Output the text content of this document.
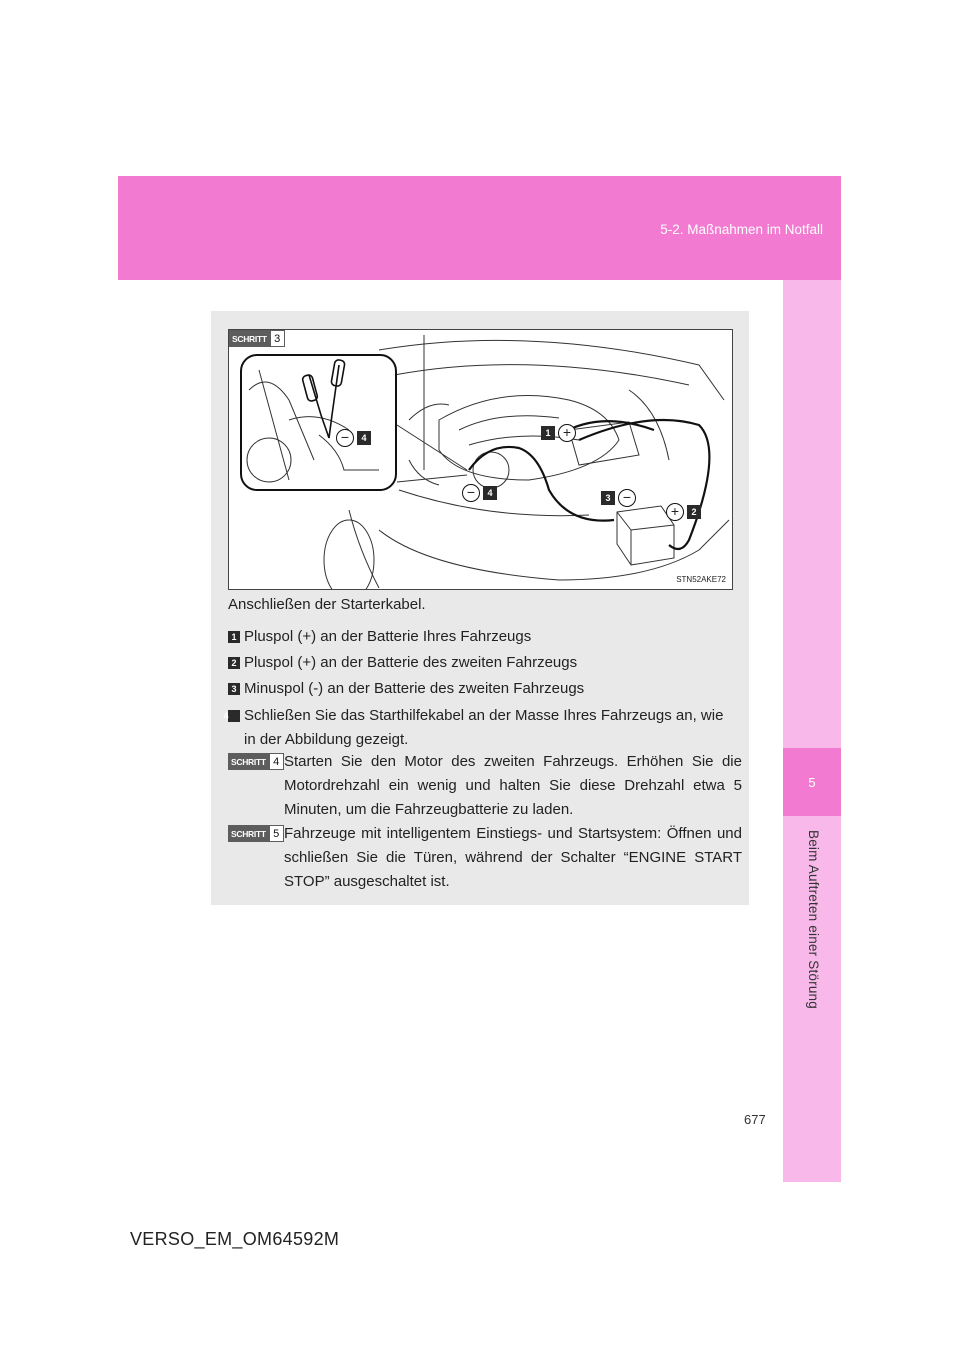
5-2. Maßnahmen im Notfall
5
Beim Auftreten einer Störung
SCHRITT 3
1 +
+	2
3 −
−	4
−	4
STN52AKE72
Anschließen der Starterkabel.
1 Pluspol (+) an der Batterie Ihres Fahrzeugs
2 Pluspol (+) an der Batterie des zweiten Fahrzeugs
3 Minuspol (-) an der Batterie des zweiten Fahrzeugs
4 Schließen Sie das Starthilfekabel an der Masse Ihres Fahrzeugs an, wie in der Abbildung gezeigt.
SCHRITT 4 Starten Sie den Motor des zweiten Fahrzeugs. Erhöhen Sie die Motordrehzahl ein wenig und halten Sie diese Drehzahl etwa 5 Minuten, um die Fahrzeugbatterie zu laden.
SCHRITT 5 Fahrzeuge mit intelligentem Einstiegs- und Startsystem: Öffnen und schließen Sie die Türen, während der Schalter “ENGINE START STOP” ausgeschaltet ist.
677
VERSO_EM_OM64592M
